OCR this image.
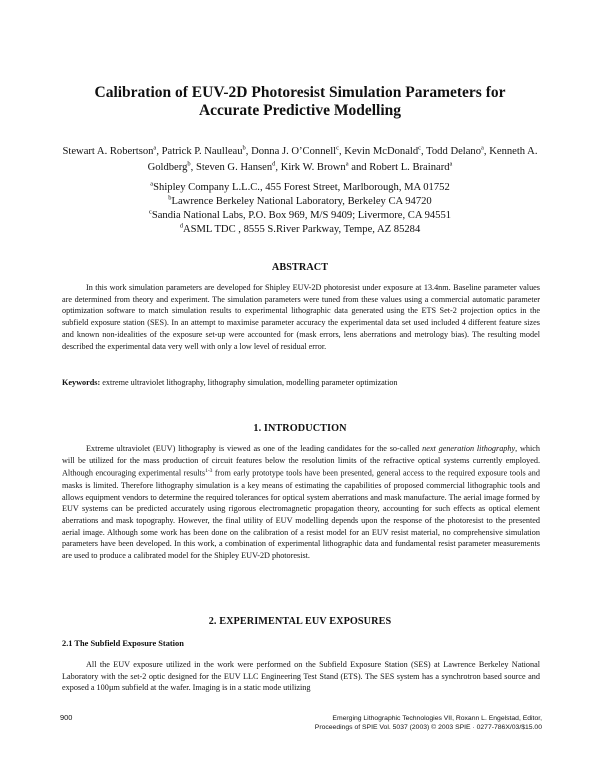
Calibration of EUV-2D Photoresist Simulation Parameters for
Accurate Predictive Modelling
Stewart A. Robertson$^a$, Patrick P. Naulleau$^b$, Donna J. O’Connell$^c$, Kevin McDonald$^c$, Todd Delano$^a$, Kenneth A. Goldberg$^b$, Steven G. Hansen$^d$, Kirk W. Brown$^a$ and Robert L. Brainard$^a$
$^a$Shipley Company L.L.C., 455 Forest Street, Marlborough, MA 01752
$^b$Lawrence Berkeley National Laboratory, Berkeley CA 94720
$^c$Sandia National Labs, P.O. Box 969, M/S 9409; Livermore, CA 94551
$^d$ASML TDC , 8555 S.River Parkway, Tempe, AZ 85284
ABSTRACT
In this work simulation parameters are developed for Shipley EUV-2D photoresist under exposure at 13.4nm. Baseline parameter values are determined from theory and experiment. The simulation parameters were tuned from these values using a commercial automatic parameter optimization software to match simulation results to experimental lithographic data generated using the ETS Set-2 projection optics in the subfield exposure station (SES). In an attempt to maximise parameter accuracy the experimental data set used included 4 different feature sizes and known non-idealities of the exposure set-up were accounted for (mask errors, lens aberrations and metrology bias). The resulting model described the experimental data very well with only a low level of residual error.
Keywords: extreme ultraviolet lithography, lithography simulation, modelling parameter optimization
1. INTRODUCTION
Extreme ultraviolet (EUV) lithography is viewed as one of the leading candidates for the so-called next generation lithography, which will be utilized for the mass production of circuit features below the resolution limits of the refractive optical systems currently employed. Although encouraging experimental results$^{1-3}$ from early prototype tools have been presented, general access to the required exposure tools and masks is limited. Therefore lithography simulation is a key means of estimating the capabilities of proposed commercial lithographic tools and allows equipment vendors to determine the required tolerances for optical system aberrations and mask manufacture. The aerial image formed by EUV systems can be predicted accurately using rigorous electromagnetic propagation theory, accounting for such effects as optical element aberrations and mask topography. However, the final utility of EUV modelling depends upon the response of the photoresist to the presented aerial image. Although some work has been done on the calibration of a resist model for an EUV resist material, no comprehensive simulation parameters have been developed. In this work, a combination of experimental lithographic data and fundamental resist parameter measurements are used to produce a calibrated model for the Shipley EUV-2D photoresist.
2. EXPERIMENTAL EUV EXPOSURES
2.1 The Subfield Exposure Station
All the EUV exposure utilized in the work were performed on the Subfield Exposure Station (SES) at Lawrence Berkeley National Laboratory with the set-2 optic designed for the EUV LLC Engineering Test Stand (ETS). The SES system has a synchrotron based source and exposed a 100µm subfield at the wafer. Imaging is in a static mode utilizing
900	Emerging Lithographic Technologies VII, Roxann L. Engelstad, Editor,
Proceedings of SPIE Vol. 5037 (2003) © 2003 SPIE · 0277-786X/03/$15.00
